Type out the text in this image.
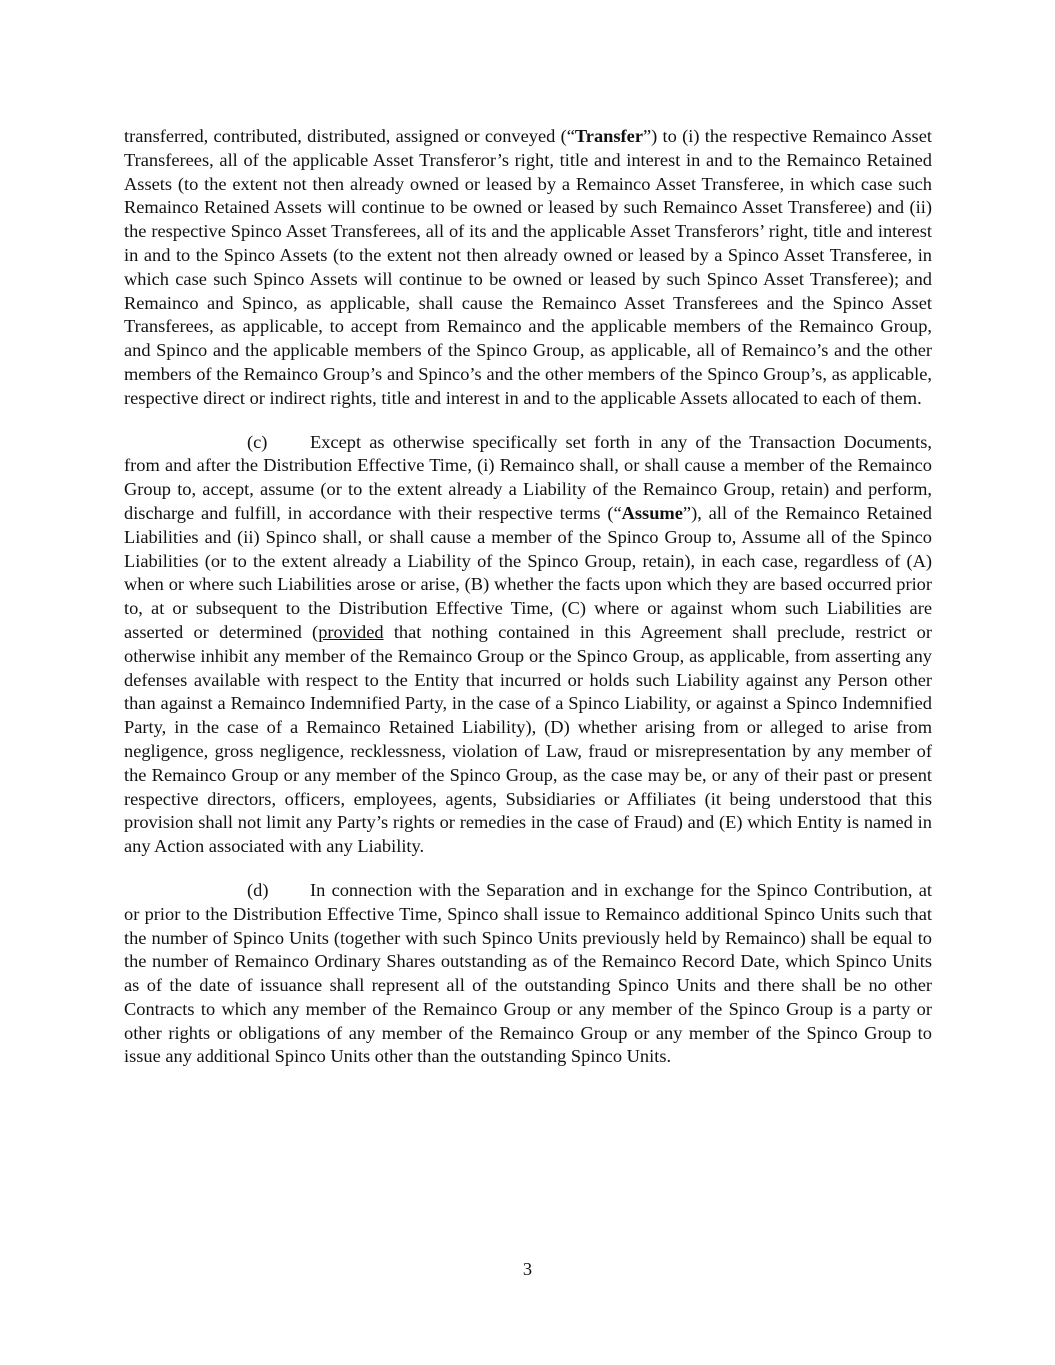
transferred, contributed, distributed, assigned or conveyed (“Transfer”) to (i) the respective Remainco Asset Transferees, all of the applicable Asset Transferor’s right, title and interest in and to the Remainco Retained Assets (to the extent not then already owned or leased by a Remainco Asset Transferee, in which case such Remainco Retained Assets will continue to be owned or leased by such Remainco Asset Transferee) and (ii) the respective Spinco Asset Transferees, all of its and the applicable Asset Transferors’ right, title and interest in and to the Spinco Assets (to the extent not then already owned or leased by a Spinco Asset Transferee, in which case such Spinco Assets will continue to be owned or leased by such Spinco Asset Transferee); and Remainco and Spinco, as applicable, shall cause the Remainco Asset Transferees and the Spinco Asset Transferees, as applicable, to accept from Remainco and the applicable members of the Remainco Group, and Spinco and the applicable members of the Spinco Group, as applicable, all of Remainco’s and the other members of the Remainco Group’s and Spinco’s and the other members of the Spinco Group’s, as applicable, respective direct or indirect rights, title and interest in and to the applicable Assets allocated to each of them.

(c) Except as otherwise specifically set forth in any of the Transaction Documents, from and after the Distribution Effective Time, (i) Remainco shall, or shall cause a member of the Remainco Group to, accept, assume (or to the extent already a Liability of the Remainco Group, retain) and perform, discharge and fulfill, in accordance with their respective terms (“Assume”), all of the Remainco Retained Liabilities and (ii) Spinco shall, or shall cause a member of the Spinco Group to, Assume all of the Spinco Liabilities (or to the extent already a Liability of the Spinco Group, retain), in each case, regardless of (A) when or where such Liabilities arose or arise, (B) whether the facts upon which they are based occurred prior to, at or subsequent to the Distribution Effective Time, (C) where or against whom such Liabilities are asserted or determined (provided that nothing contained in this Agreement shall preclude, restrict or otherwise inhibit any member of the Remainco Group or the Spinco Group, as applicable, from asserting any defenses available with respect to the Entity that incurred or holds such Liability against any Person other than against a Remainco Indemnified Party, in the case of a Spinco Liability, or against a Spinco Indemnified Party, in the case of a Remainco Retained Liability), (D) whether arising from or alleged to arise from negligence, gross negligence, recklessness, violation of Law, fraud or misrepresentation by any member of the Remainco Group or any member of the Spinco Group, as the case may be, or any of their past or present respective directors, officers, employees, agents, Subsidiaries or Affiliates (it being understood that this provision shall not limit any Party’s rights or remedies in the case of Fraud) and (E) which Entity is named in any Action associated with any Liability.

(d) In connection with the Separation and in exchange for the Spinco Contribution, at or prior to the Distribution Effective Time, Spinco shall issue to Remainco additional Spinco Units such that the number of Spinco Units (together with such Spinco Units previously held by Remainco) shall be equal to the number of Remainco Ordinary Shares outstanding as of the Remainco Record Date, which Spinco Units as of the date of issuance shall represent all of the outstanding Spinco Units and there shall be no other Contracts to which any member of the Remainco Group or any member of the Spinco Group is a party or other rights or obligations of any member of the Remainco Group or any member of the Spinco Group to issue any additional Spinco Units other than the outstanding Spinco Units.

3
